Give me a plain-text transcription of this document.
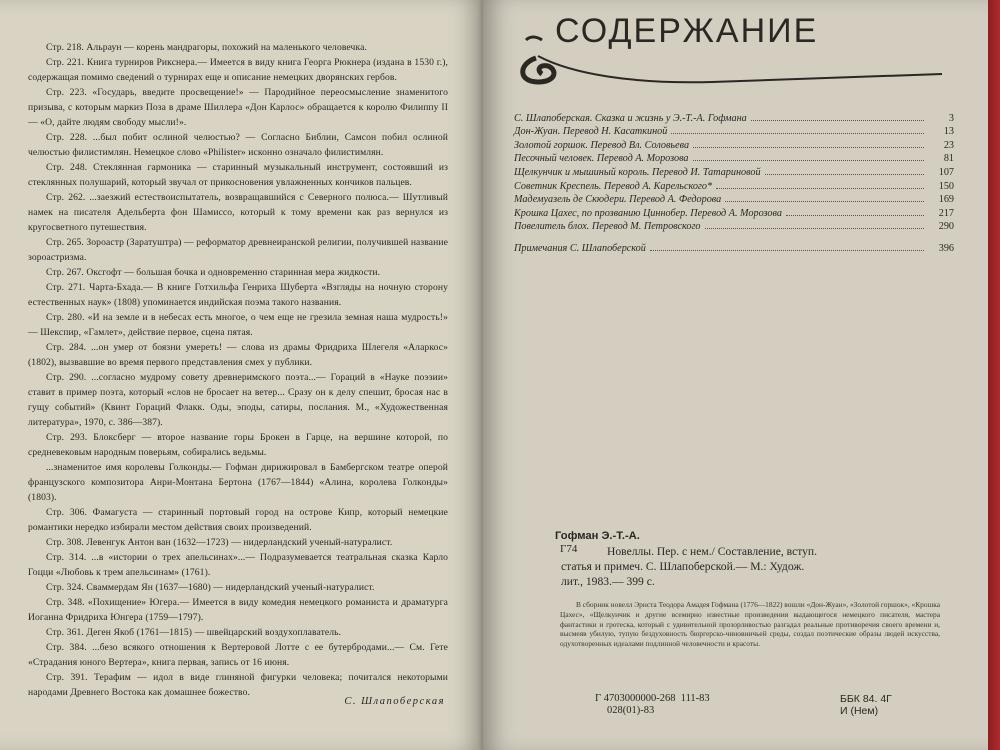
Стр. 218. Альраун — корень мандрагоры, похожий на маленького человечка.

Стр. 221. Книга турниров Рикснера.— Имеется в виду книга Георга Рюкнера (издана в 1530 г.), содержащая помимо сведений о турнирах еще и описание немецких дворянских гербов.

Стр. 223. «Государь, введите просвещение!» — Пародийное переосмысление знаменитого призыва, с которым маркиз Поза в драме Шиллера «Дон Карлос» обращается к королю Филиппу II — «О, дайте людям свободу мысли!».

Стр. 228. ...был побит ослиной челюстью? — Согласно Библии, Самсон побил ослиной челюстью филистимлян. Немецкое слово «Philister» исконно означало филистимлян.

Стр. 248. Стеклянная гармоника — старинный музыкальный инструмент, состоявший из стеклянных полушарий, который звучал от прикосновения увлажненных кончиков пальцев.

Стр. 262. ...заезжий естествоиспытатель, возвращавшийся с Северного полюса.— Шутливый намек на писателя Адельберта фон Шамиссо, который к тому времени как раз вернулся из кругосветного путешествия.

Стр. 265. Зороастр (Заратуштра) — реформатор древнеиранской религии, получившей название зороастризма.

Стр. 267. Оксгофт — большая бочка и одновременно старинная мера жидкости.

Стр. 271. Чарта-Бхада.— В книге Готхильфа Генриха Шуберта «Взгляды на ночную сторону естественных наук» (1808) упоминается индийская поэма такого названия.

Стр. 280. «И на земле и в небесах есть многое, о чем еще не грезила земная наша мудрость!» — Шекспир, «Гамлет», действие первое, сцена пятая.

Стр. 284. ...он умер от боязни умереть! — слова из драмы Фридриха Шлегеля «Аларкос» (1802), вызвавшие во время первого представления смех у публики.

Стр. 290. ...согласно мудрому совету древнеримского поэта...— Гораций в «Науке поэзии» ставит в пример поэта, который «слов не бросает на ветер... Сразу он к делу спешит, бросая нас в гущу событий» (Квинт Гораций Флакк. Оды, эподы, сатиры, послания. М., «Художественная литература», 1970, с. 386—387).

Стр. 293. Блоксберг — второе название горы Брокен в Гарце, на вершине которой, по средневековым народным поверьям, собирались ведьмы.

...знаменитое имя королевы Голконды.— Гофман дирижировал в Бамбергском театре оперой французского композитора Анри-Монтана Бертона (1767—1844) «Алина, королева Голконды» (1803).

Стр. 306. Фамагуста — старинный портовый город на острове Кипр, который немецкие романтики нередко избирали местом действия своих произведений.

Стр. 308. Левенгук Антон ван (1632—1723) — нидерландский ученый-натуралист.

Стр. 314. ...в «истории о трех апельсинах»...— Подразумевается театральная сказка Карло Гоцци «Любовь к трем апельсинам» (1761).

Стр. 324. Сваммердам Ян (1637—1680) — нидерландский ученый-натуралист.

Стр. 348. «Похищение» Югера.— Имеется в виду комедия немецкого романиста и драматурга Иоганна Фридриха Юнгера (1759—1797).

Стр. 361. Деген Якоб (1761—1815) — швейцарский воздухоплаватель.

Стр. 384. ...безо всякого отношения к Вертеровой Лотте с ее бутербродами...— См. Гете «Страдания юного Вертера», книга первая, запись от 16 июня.

Стр. 391. Терафим — идол в виде глиняной фигурки человека; почитался некоторыми народами Древнего Востока как домашнее божество.

С. Шлапоберская
СОДЕРЖАНИЕ
С. Шлапоберская. Сказка и жизнь у Э.-Т.-А. Гофмана	3
Дон-Жуан. Перевод Н. Касаткиной	13
Золотой горшок. Перевод Вл. Соловьева	23
Песочный человек. Перевод А. Морозова	81
Щелкунчик и мышиный король. Перевод И. Татариновой	107
Советник Креспель. Перевод А. Карельского*	150
Мадемуазель де Скюдери. Перевод А. Федорова	169
Крошка Цахес, по прозванию Циннобер. Перевод А. Морозова	217
Повелитель блох. Перевод М. Петровского	290
Примечания С. Шлапоберской	396
Гофман Э.-Т.-А.
Новеллы. Пер. с нем./ Составление, вступ.
статья и примеч. С. Шлапоберской.— М.: Худож.
лит., 1983.— 399 с.
Г74
В сборник новелл Эрнста Теодора Амадея Гофмана (1776—1822) вошли «Дон-Жуан», «Золотой горшок», «Крошка Цахес», «Щелкунчик и другие всемирно известные произведения выдающегося немецкого писателя, мастера фантастики и гротеска, который с удивительной прозорливостью разгадал реальные противоречия своего времени и, высмеяв убилую, тупую бездуховность бюргерско-чиновничьей среды, создал поэтические образы людей искусства, одухотворенных идеалами подлинной человечности и красоты.
Г 4703000000-268 111-83
028(01)-83
ББК 84. 4Г
И (Нем)
